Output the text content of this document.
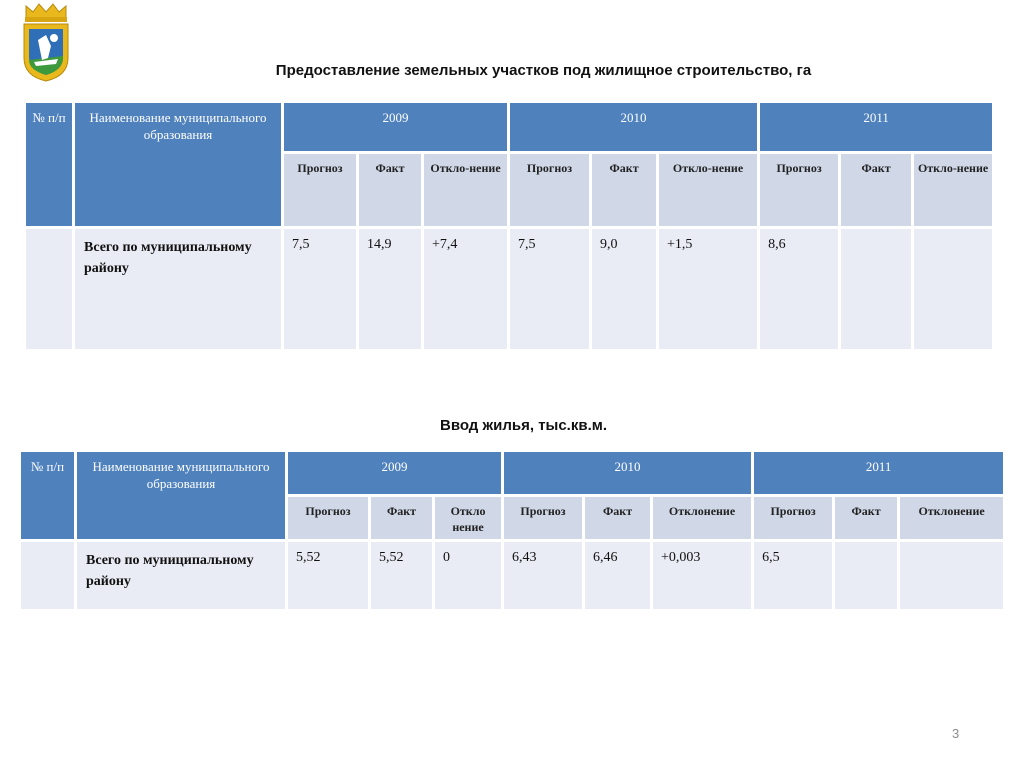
Предоставление земельных участков под жилищное строительство, га
№ п/п	Наименование муниципального образования	2009			2010			2011		
		Прогноз	Факт	Откло-нение	Прогноз	Факт	Откло-нение	Прогноз	Факт	Откло-нение
	Всего по муниципальному району	7,5	14,9	+7,4	7,5	9,0	+1,5	8,6		
Ввод жилья, тыс.кв.м.
№ п/п	Наименование муниципального образования	2009			2010			2011		
		Прогноз	Факт	Откло нение	Прогноз	Факт	Отклонение	Прогноз	Факт	Отклонение
	Всего по муниципальному району	5,52	5,52	0	6,43	6,46	+0,003	6,5		
3
